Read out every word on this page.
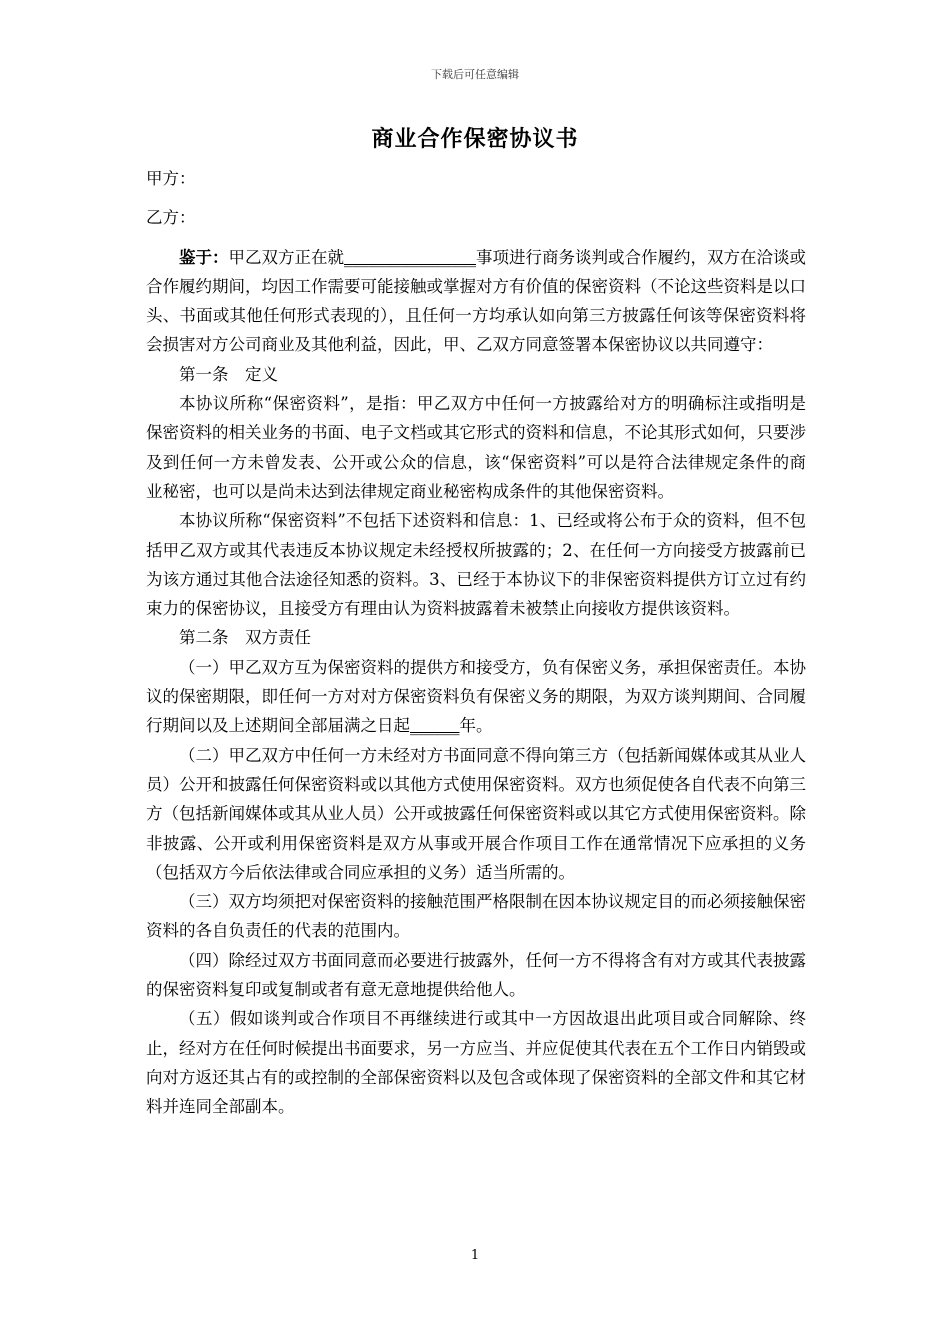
下载后可任意编辑
商业合作保密协议书

甲方：

乙方：

鉴于：甲乙双方正在就________________事项进行商务谈判或合作履约，双方在洽谈或合作履约期间，均因工作需要可能接触或掌握对方有价值的保密资料（不论这些资料是以口头、书面或其他任何形式表现的），且任何一方均承认如向第三方披露任何该等保密资料将会损害对方公司商业及其他利益，因此，甲、乙双方同意签署本保密协议以共同遵守：

第一条　定义

本协议所称“保密资料”，是指：甲乙双方中任何一方披露给对方的明确标注或指明是保密资料的相关业务的书面、电子文档或其它形式的资料和信息，不论其形式如何，只要涉及到任何一方未曾发表、公开或公众的信息，该“保密资料”可以是符合法律规定条件的商业秘密，也可以是尚未达到法律规定商业秘密构成条件的其他保密资料。

本协议所称“保密资料”不包括下述资料和信息：1、已经或将公布于众的资料，但不包括甲乙双方或其代表违反本协议规定未经授权所披露的；2、在任何一方向接受方披露前已为该方通过其他合法途径知悉的资料。3、已经于本协议下的非保密资料提供方订立过有约束力的保密协议，且接受方有理由认为资料披露着未被禁止向接收方提供该资料。

第二条　双方责任

（一）甲乙双方互为保密资料的提供方和接受方，负有保密义务，承担保密责任。本协议的保密期限，即任何一方对对方保密资料负有保密义务的期限，为双方谈判期间、合同履行期间以及上述期间全部届满之日起______年。

（二）甲乙双方中任何一方未经对方书面同意不得向第三方（包括新闻媒体或其从业人员）公开和披露任何保密资料或以其他方式使用保密资料。双方也须促使各自代表不向第三方（包括新闻媒体或其从业人员）公开或披露任何保密资料或以其它方式使用保密资料。除非披露、公开或利用保密资料是双方从事或开展合作项目工作在通常情况下应承担的义务（包括双方今后依法律或合同应承担的义务）适当所需的。

（三）双方均须把对保密资料的接触范围严格限制在因本协议规定目的而必须接触保密资料的各自负责任的代表的范围内。

（四）除经过双方书面同意而必要进行披露外，任何一方不得将含有对方或其代表披露的保密资料复印或复制或者有意无意地提供给他人。

（五）假如谈判或合作项目不再继续进行或其中一方因故退出此项目或合同解除、终止，经对方在任何时候提出书面要求，另一方应当、并应促使其代表在五个工作日内销毁或向对方返还其占有的或控制的全部保密资料以及包含或体现了保密资料的全部文件和其它材料并连同全部副本。

1
